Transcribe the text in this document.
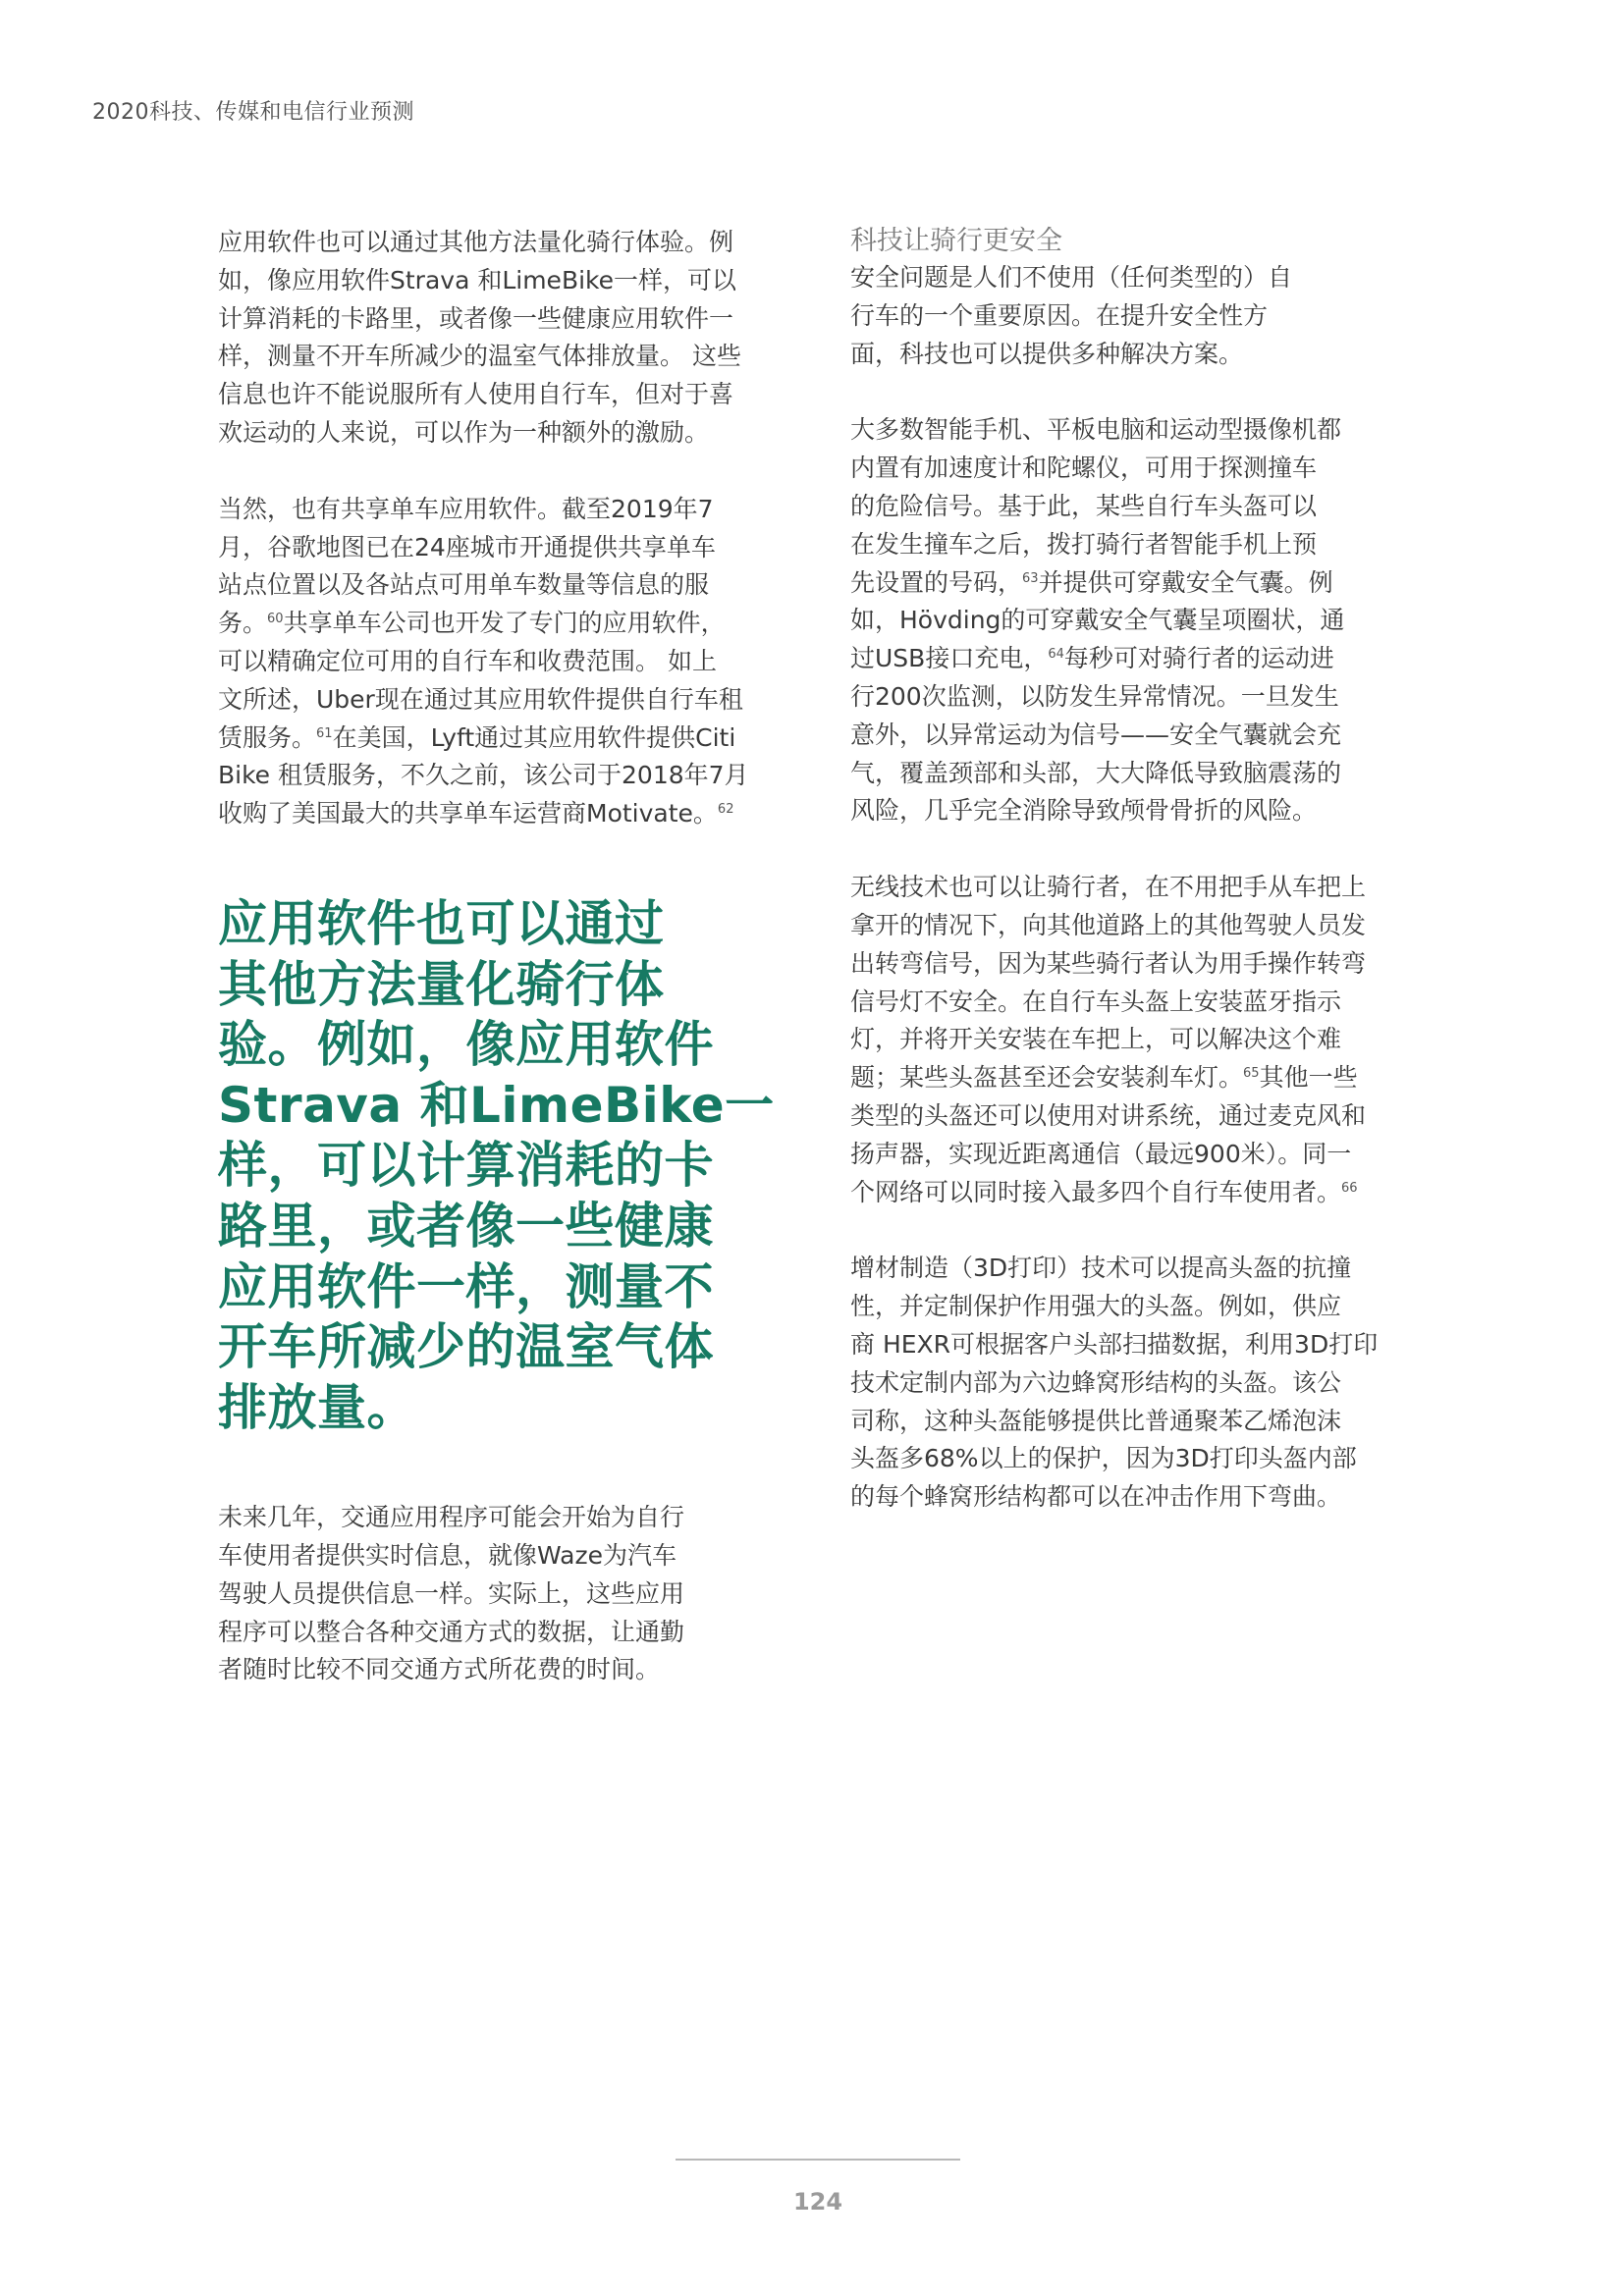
2020科技、传媒和电信行业预测

应用软件也可以通过其他方法量化骑行体验。例
如，像应用软件Strava 和LimeBike一样，可以
计算消耗的卡路里，或者像一些健康应用软件一
样，测量不开车所减少的温室气体排放量。 这些
信息也许不能说服所有人使用自行车，但对于喜
欢运动的人来说，可以作为一种额外的激励。

当然，也有共享单车应用软件。截至2019年7
月，谷歌地图已在24座城市开通提供共享单车
站点位置以及各站点可用单车数量等信息的服
务。$^{60}$共享单车公司也开发了专门的应用软件，
可以精确定位可用的自行车和收费范围。 如上
文所述，Uber现在通过其应用软件提供自行车租
赁服务。$^{61}$在美国，Lyft通过其应用软件提供Citi
Bike 租赁服务，不久之前，该公司于2018年7月
收购了美国最大的共享单车运营商Motivate。$^{62}$

应用软件也可以通过
其他方法量化骑行体
验。例如，像应用软件
Strava 和LimeBike一
样，可以计算消耗的卡
路里，或者像一些健康
应用软件一样，测量不
开车所减少的温室气体
排放量。

未来几年，交通应用程序可能会开始为自行
车使用者提供实时信息，就像Waze为汽车
驾驶人员提供信息一样。实际上，这些应用
程序可以整合各种交通方式的数据，让通勤
者随时比较不同交通方式所花费的时间。

科技让骑行更安全

安全问题是人们不使用（任何类型的）自
行车的一个重要原因。在提升安全性方
面，科技也可以提供多种解决方案。

大多数智能手机、平板电脑和运动型摄像机都
内置有加速度计和陀螺仪，可用于探测撞车
的危险信号。基于此，某些自行车头盔可以
在发生撞车之后，拨打骑行者智能手机上预
先设置的号码，$^{63}$并提供可穿戴安全气囊。例
如，Hövding的可穿戴安全气囊呈项圈状，通
过USB接口充电，$^{64}$每秒可对骑行者的运动进
行200次监测，以防发生异常情况。一旦发生
意外，以异常运动为信号——安全气囊就会充
气，覆盖颈部和头部，大大降低导致脑震荡的
风险，几乎完全消除导致颅骨骨折的风险。

无线技术也可以让骑行者，在不用把手从车把上
拿开的情况下，向其他道路上的其他驾驶人员发
出转弯信号，因为某些骑行者认为用手操作转弯
信号灯不安全。在自行车头盔上安装蓝牙指示
灯，并将开关安装在车把上，可以解决这个难
题；某些头盔甚至还会安装刹车灯。$^{65}$其他一些
类型的头盔还可以使用对讲系统，通过麦克风和
扬声器，实现近距离通信（最远900米）。同一
个网络可以同时接入最多四个自行车使用者。$^{66}$

增材制造（3D打印）技术可以提高头盔的抗撞
性，并定制保护作用强大的头盔。例如，供应
商 HEXR可根据客户头部扫描数据，利用3D打印
技术定制内部为六边蜂窝形结构的头盔。该公
司称，这种头盔能够提供比普通聚苯乙烯泡沫
头盔多68%以上的保护，因为3D打印头盔内部
的每个蜂窝形结构都可以在冲击作用下弯曲。

124
